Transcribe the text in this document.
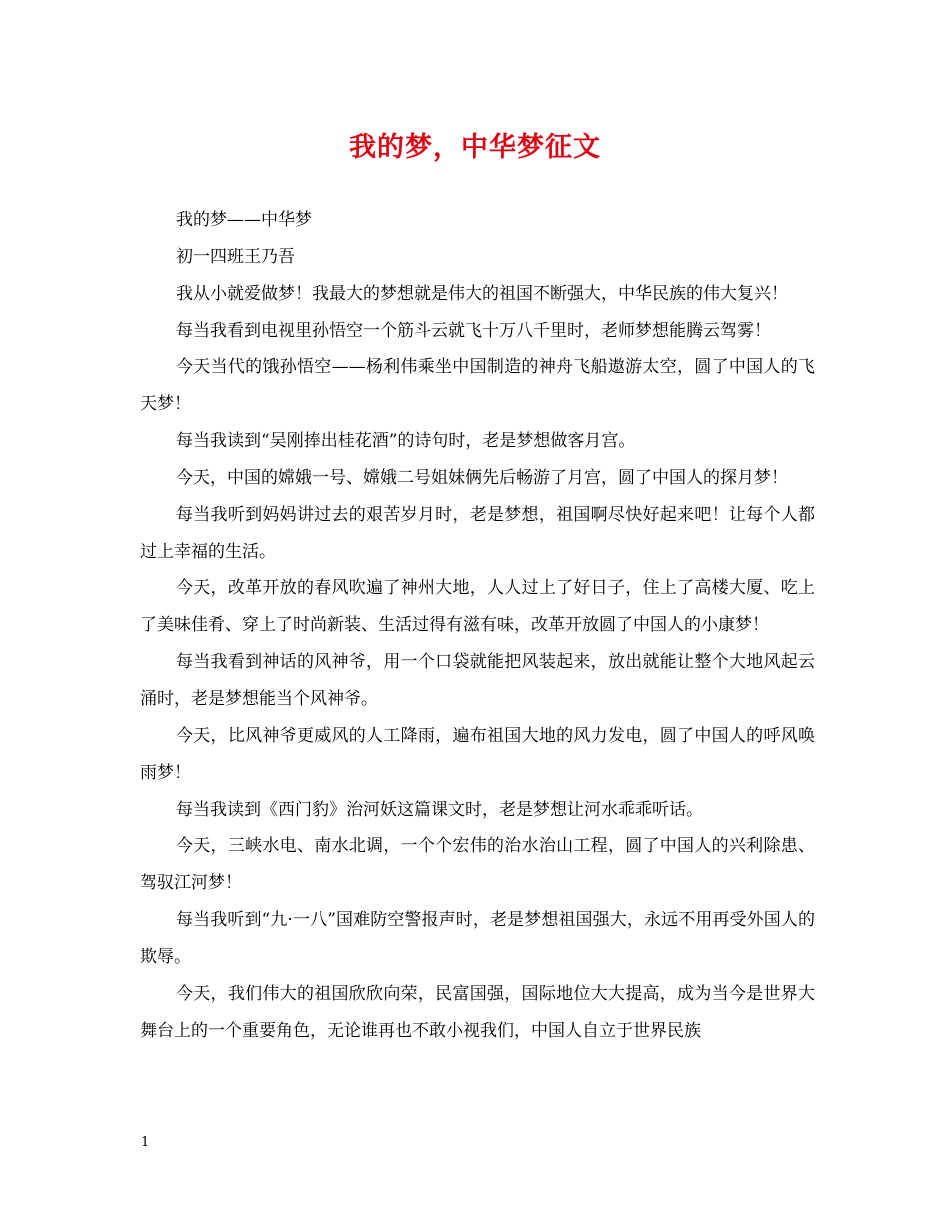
我的梦，中华梦征文

我的梦——中华梦

初一四班王乃吾

我从小就爱做梦！我最大的梦想就是伟大的祖国不断强大，中华民族的伟大复兴！

每当我看到电视里孙悟空一个筋斗云就飞十万八千里时，老师梦想能腾云驾雾！

今天当代的饿孙悟空——杨利伟乘坐中国制造的神舟飞船遨游太空，圆了中国人的飞天梦！

每当我读到“吴刚捧出桂花酒”的诗句时，老是梦想做客月宫。

今天，中国的嫦娥一号、嫦娥二号姐妹俩先后畅游了月宫，圆了中国人的探月梦！

每当我听到妈妈讲过去的艰苦岁月时，老是梦想，祖国啊尽快好起来吧！让每个人都过上幸福的生活。

今天，改革开放的春风吹遍了神州大地，人人过上了好日子，住上了高楼大厦、吃上了美味佳肴、穿上了时尚新装、生活过得有滋有味，改革开放圆了中国人的小康梦！

每当我看到神话的风神爷，用一个口袋就能把风装起来，放出就能让整个大地风起云涌时，老是梦想能当个风神爷。

今天，比风神爷更威风的人工降雨，遍布祖国大地的风力发电，圆了中国人的呼风唤雨梦！

每当我读到《西门豹》治河妖这篇课文时，老是梦想让河水乖乖听话。

今天，三峡水电、南水北调，一个个宏伟的治水治山工程，圆了中国人的兴利除患、驾驭江河梦！

每当我听到“九·一八”国难防空警报声时，老是梦想祖国强大，永远不用再受外国人的欺辱。

今天，我们伟大的祖国欣欣向荣，民富国强，国际地位大大提高，成为当今是世界大舞台上的一个重要角色，无论谁再也不敢小视我们，中国人自立于世界民族

1
